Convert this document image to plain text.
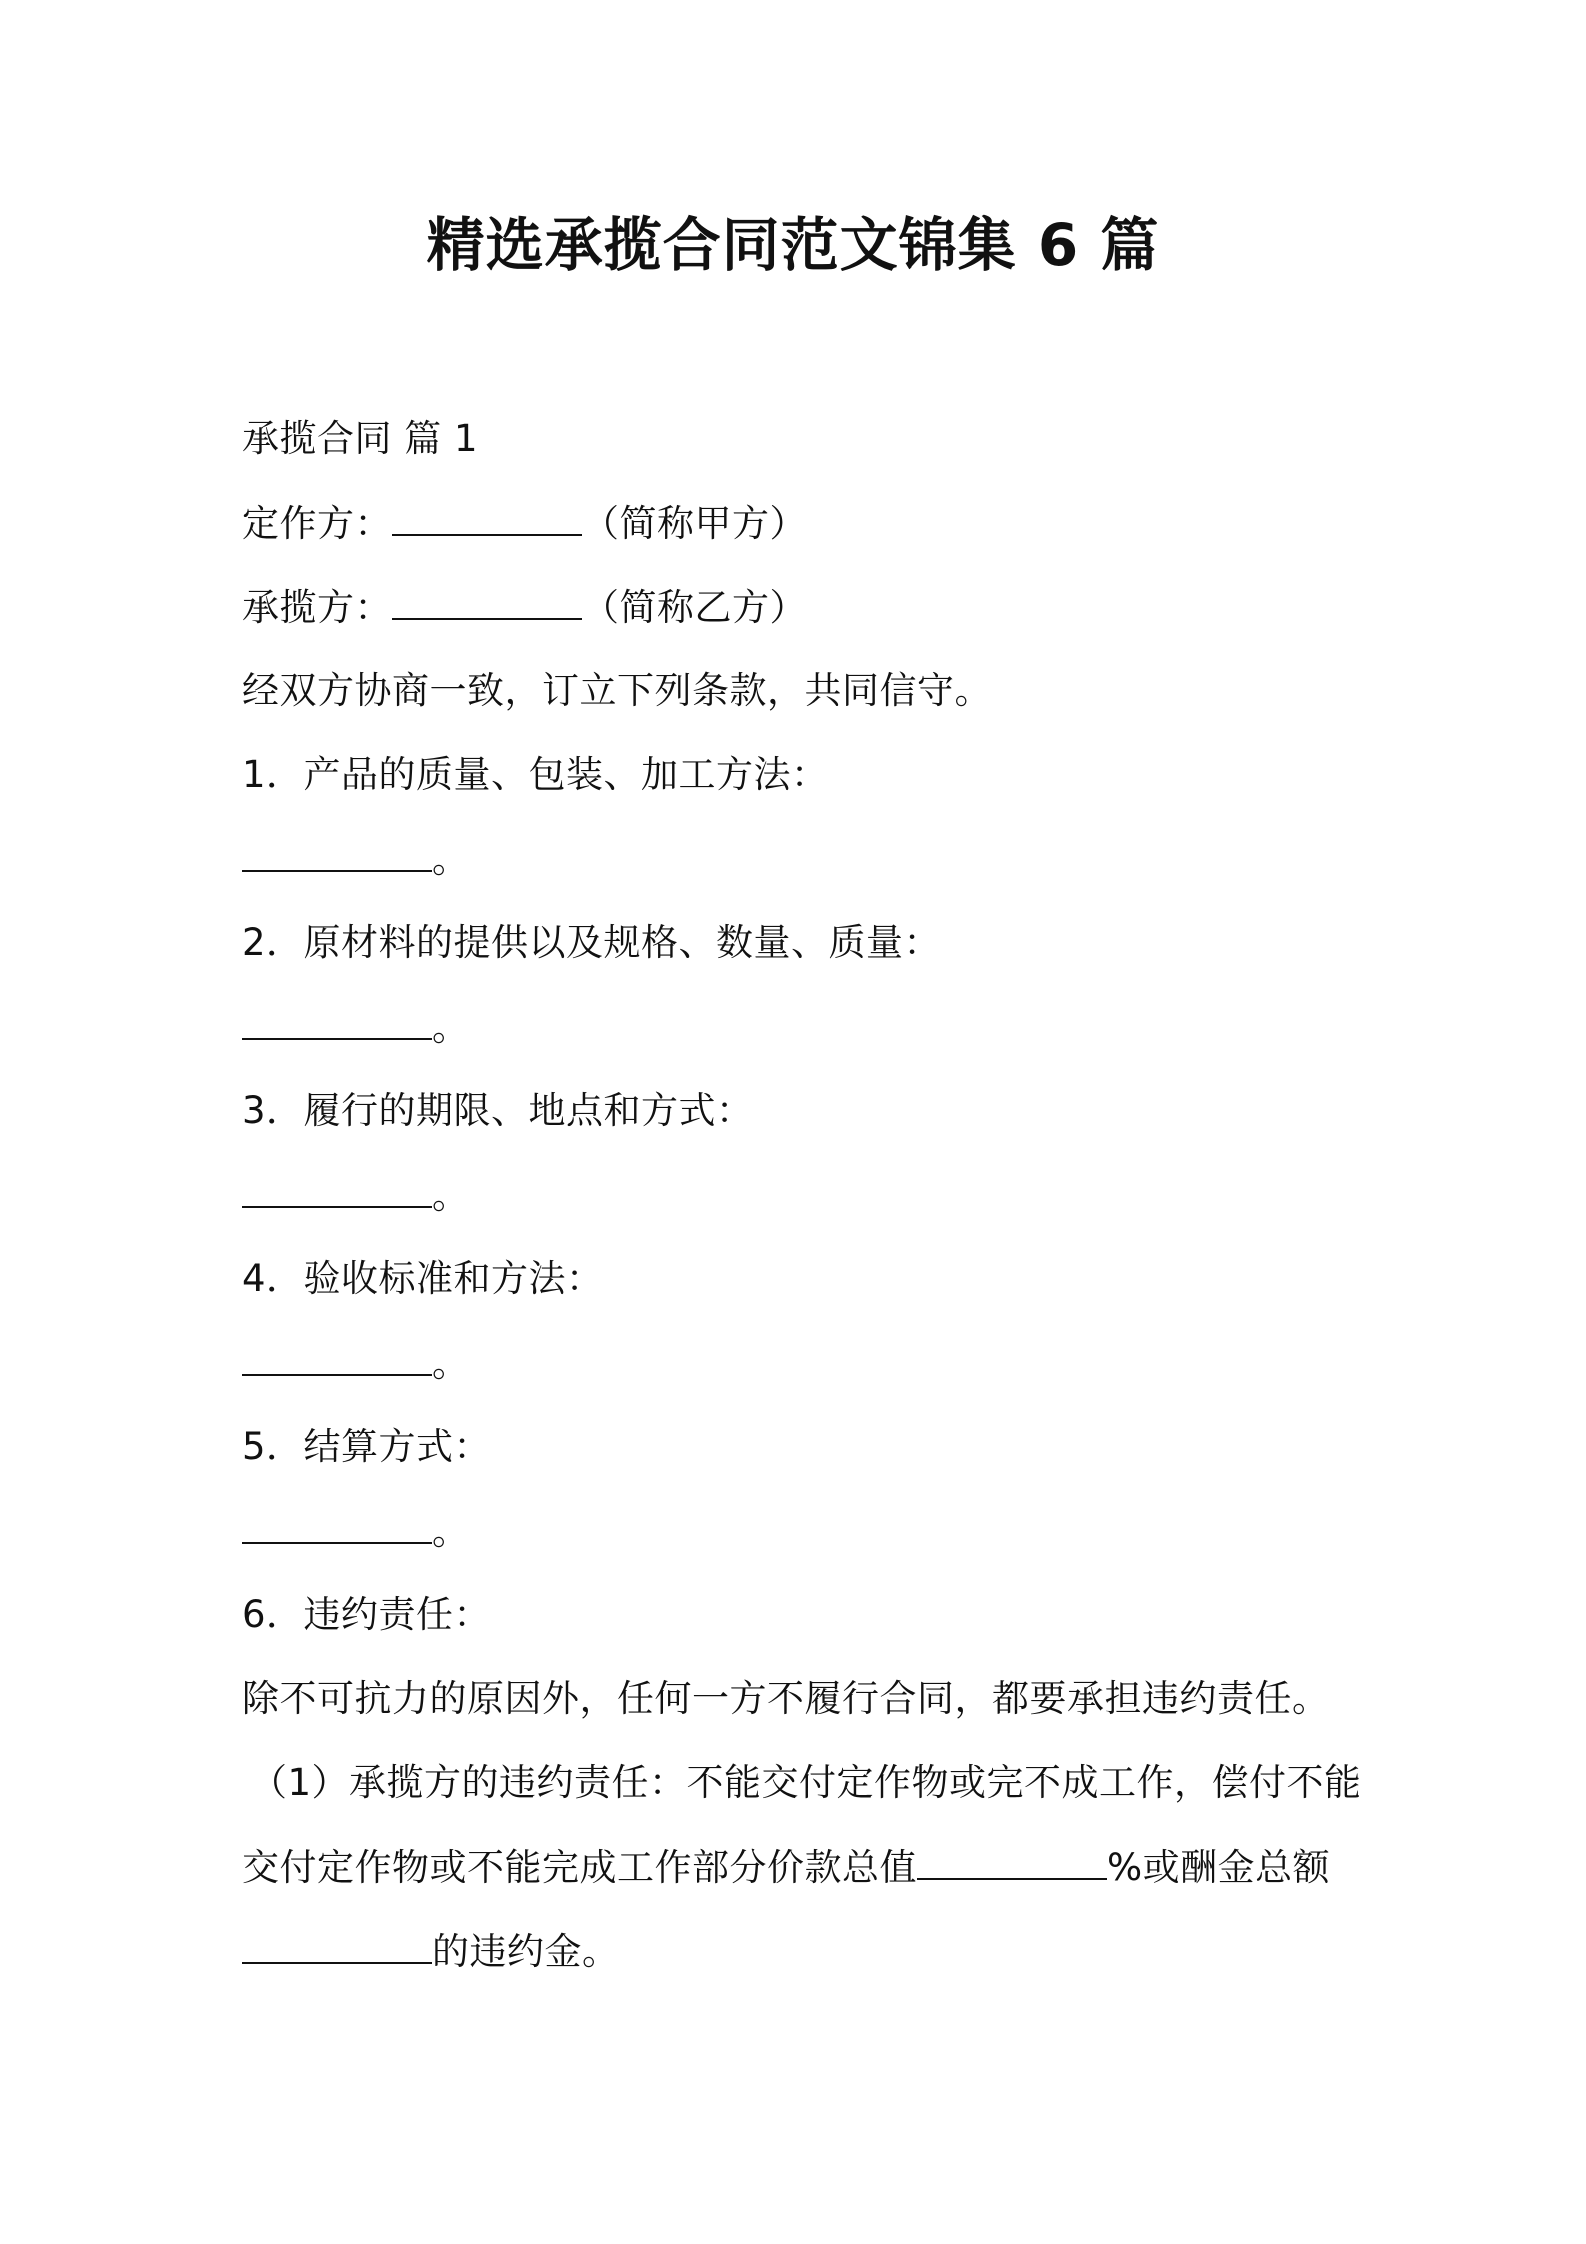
精选承揽合同范文锦集 6 篇
承揽合同 篇 1
定作方：	（简称甲方）
承揽方：	（简称乙方）
经双方协商一致，订立下列条款，共同信守。
1．产品的质量、包装、加工方法：
。
2．原材料的提供以及规格、数量、质量：
。
3．履行的期限、地点和方式：
。
4．验收标准和方法：
。
5．结算方式：
。
6．违约责任：
除不可抗力的原因外，任何一方不履行合同，都要承担违约责任。
（1）承揽方的违约责任：不能交付定作物或完不成工作，偿付不能
交付定作物或不能完成工作部分价款总值	%或酬金总额
的违约金。
